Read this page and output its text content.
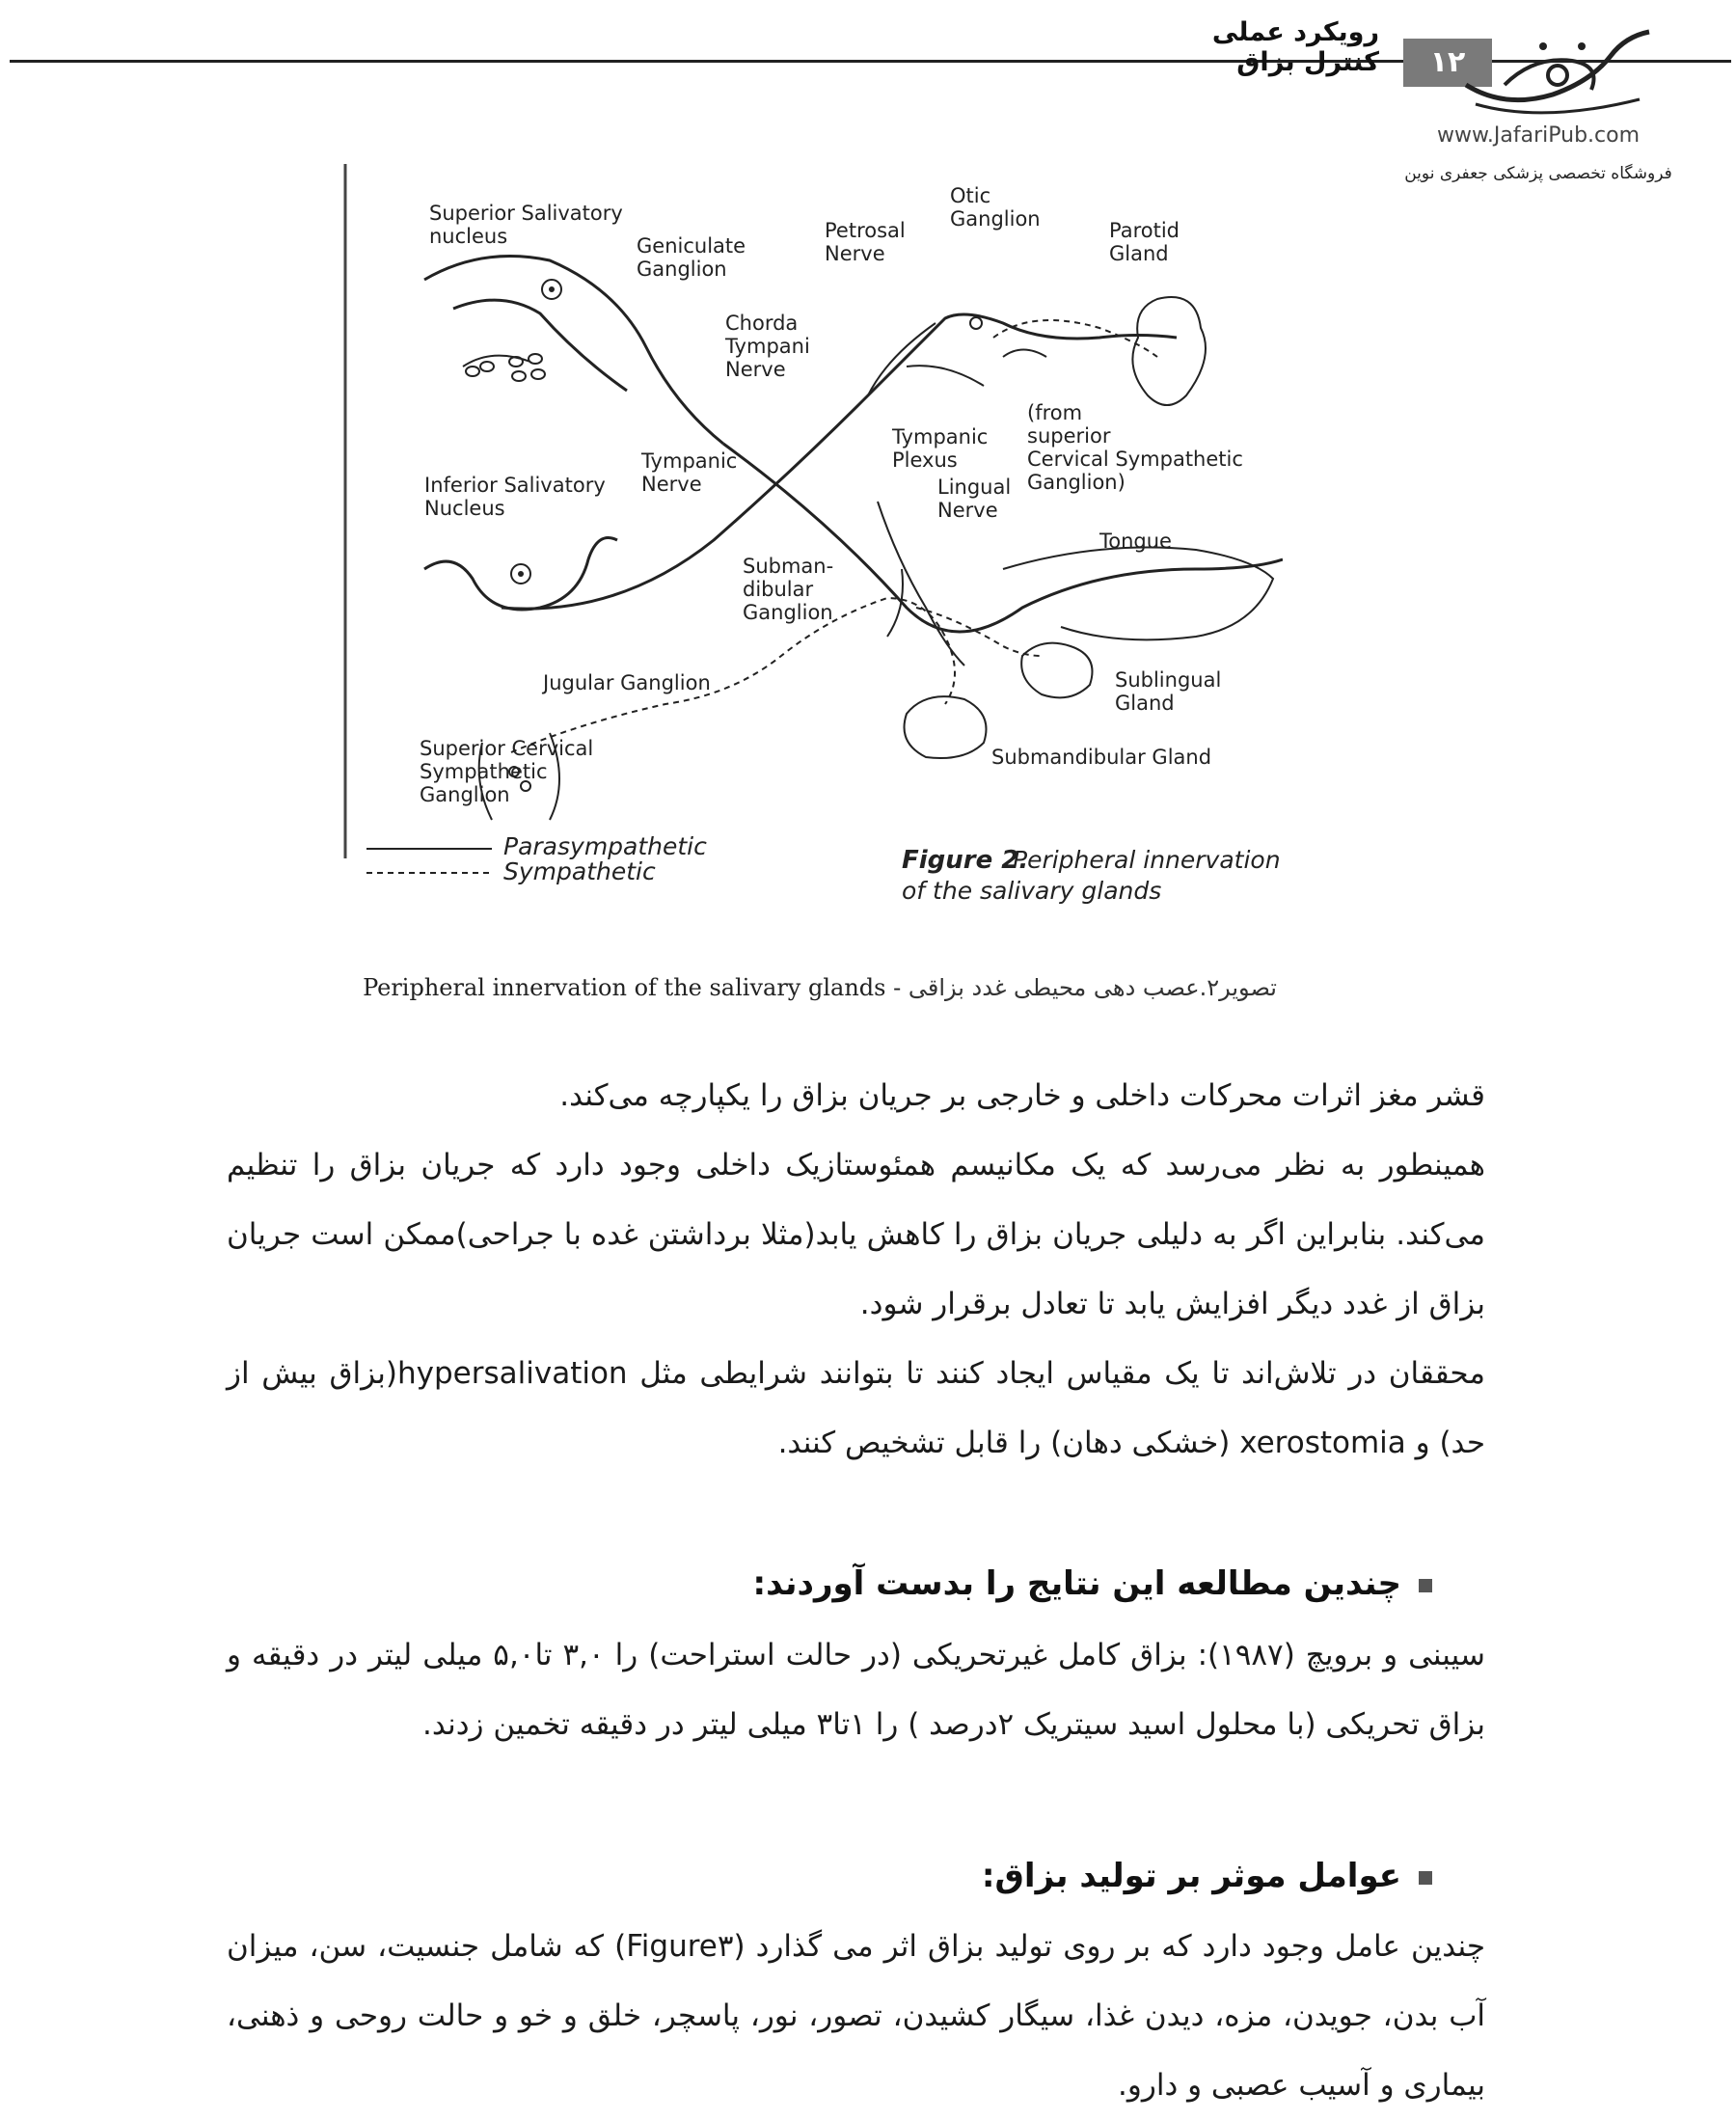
رویکرد عملی کنترل بزاق	۱۲
www.JafariPub.com
فروشگاه تخصصی پزشکی جعفری نوین
Superior Salivatory
nucleus	Geniculate
Ganglion
Petrosal
Nerve
Otic
Ganglion	Parotid
Gland
Chorda
Tympani
Nerve
Tympanic
Plexus
(from
superior
Cervical Sympathetic
Ganglion)
Inferior Salivatory
Nucleus
Tympanic
Nerve	Lingual
Nerve
Tongue
Subman-
dibular
Ganglion
Jugular Ganglion	Sublingual
Gland
Submandibular Gland
Superior Cervical
Sympathetic
Ganglion
Parasympathetic
Sympathetic	Figure 2.
Peripheral innervation
of the salivary glands
Peripheral innervation of the salivary glands -	تصویر۲.عصب دهی محیطی غدد بزاقی

قشر مغز اثرات محرکات داخلی و خارجی بر جریان بزاق را یکپارچه می‌کند.

همینطور به نظر می‌رسد که یک مکانیسم همئوستازیک داخلی وجود دارد که جریان بزاق را تنظیم می‌کند. بنابراین اگر به دلیلی جریان بزاق را کاهش یابد(مثلا برداشتن غده با جراحی)ممکن است جریان بزاق از غدد دیگر افزایش یابد تا تعادل برقرار شود.

محققان در تلاش‌اند تا یک مقیاس ایجاد کنند تا بتوانند شرایطی مثل hypersalivation(بزاق بیش از حد) و xerostomia (خشکی دهان) را قابل تشخیص کنند.

چندین مطالعه این نتایج را بدست آوردند:

سیبنی و برویچ (۱۹۸۷): بزاق کامل غیرتحریکی (در حالت استراحت) را ۳,۰ تا۵,۰ میلی لیتر در دقیقه و بزاق تحریکی (با محلول اسید سیتریک ۲درصد ) را ۱تا۳ میلی لیتر در دقیقه تخمین زدند.

عوامل موثر بر تولید بزاق:

چندین عامل وجود دارد که بر روی تولید بزاق اثر می گذارد (Figure۳) که شامل جنسیت، سن، میزان آب بدن، جویدن، مزه، دیدن غذا، سیگار کشیدن، تصور، نور، پاسچر، خلق و خو و حالت روحی و ذهنی، بیماری و آسیب عصبی و دارو.
